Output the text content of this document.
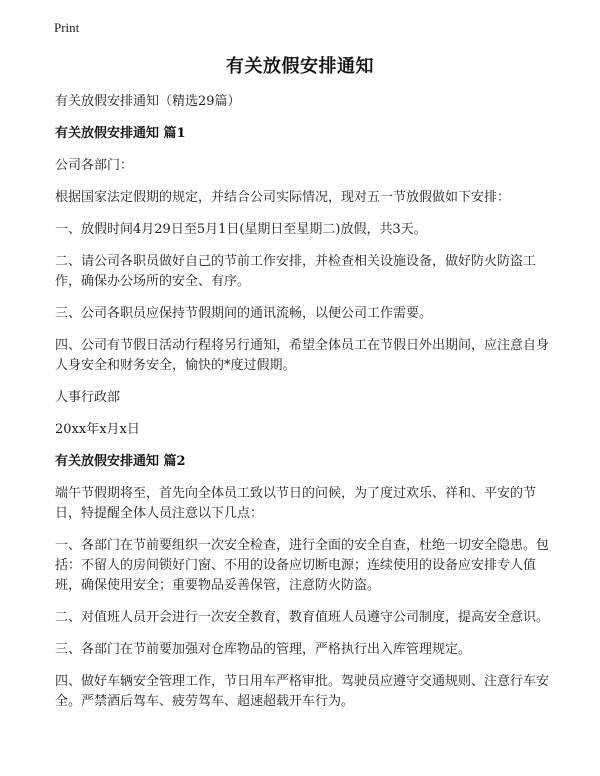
Print
有关放假安排通知

有关放假安排通知（精选29篇）

有关放假安排通知 篇1

公司各部门：

根据国家法定假期的规定，并结合公司实际情况，现对五一节放假做如下安排：

一、放假时间4月29日至5月1日(星期日至星期二)放假，共3天。

二、请公司各职员做好自己的节前工作安排，并检查相关设施设备，做好防火防盗工作，确保办公场所的安全、有序。

三、公司各职员应保持节假期间的通讯流畅，以便公司工作需要。

四、公司有节假日活动行程将另行通知，希望全体员工在节假日外出期间，应注意自身人身安全和财务安全，愉快的*度过假期。

人事行政部

20xx年x月x日

有关放假安排通知 篇2

端午节假期将至，首先向全体员工致以节日的问候，为了度过欢乐、祥和、平安的节日，特提醒全体人员注意以下几点：

一、各部门在节前要组织一次安全检查，进行全面的安全自查，杜绝一切安全隐患。包括：不留人的房间锁好门窗、不用的设备应切断电源；连续使用的设备应安排专人值班，确保使用安全；重要物品妥善保管，注意防火防盗。

二、对值班人员开会进行一次安全教育，教育值班人员遵守公司制度，提高安全意识。

三、各部门在节前要加强对仓库物品的管理，严格执行出入库管理规定。

四、做好车辆安全管理工作，节日用车严格审批。驾驶员应遵守交通规则、注意行车安全。严禁酒后驾车、疲劳驾车、超速超载开车行为。
